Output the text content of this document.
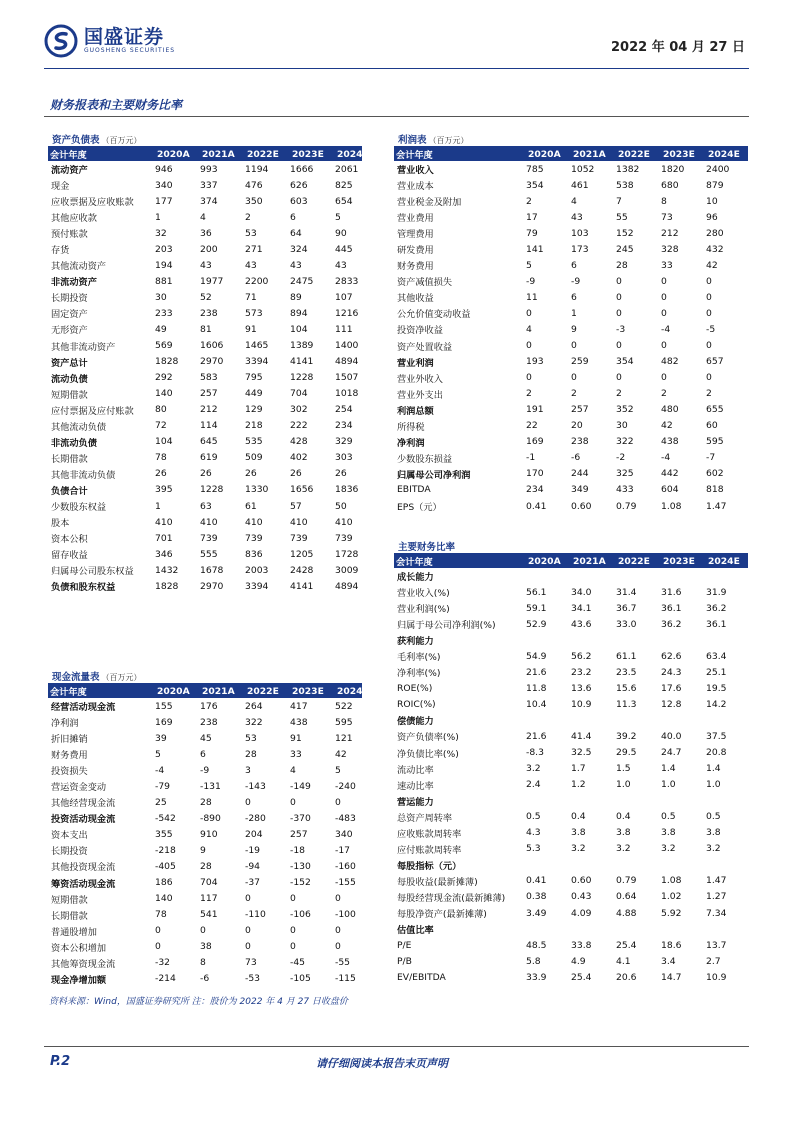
国盛证券
GUOSHENG SECURITIES	2022 年 04 月 27 日
财务报表和主要财务比率
资产负债表 （百万元）
会计年度	2020A	2021A	2022E	2023E	2024E
流动资产	946	993	1194	1666	2061
现金	340	337	476	626	825
应收票据及应收账款	177	374	350	603	654
其他应收款	1	4	2	6	5
预付账款	32	36	53	64	90
存货	203	200	271	324	445
其他流动资产	194	43	43	43	43
非流动资产	881	1977	2200	2475	2833
长期投资	30	52	71	89	107
固定资产	233	238	573	894	1216
无形资产	49	81	91	104	111
其他非流动资产	569	1606	1465	1389	1400
资产总计	1828	2970	3394	4141	4894
流动负债	292	583	795	1228	1507
短期借款	140	257	449	704	1018
应付票据及应付账款	80	212	129	302	254
其他流动负债	72	114	218	222	234
非流动负债	104	645	535	428	329
长期借款	78	619	509	402	303
其他非流动负债	26	26	26	26	26
负债合计	395	1228	1330	1656	1836
少数股东权益	1	63	61	57	50
股本	410	410	410	410	410
资本公积	701	739	739	739	739
留存收益	346	555	836	1205	1728
归属母公司股东权益	1432	1678	2003	2428	3009
负债和股东权益	1828	2970	3394	4141	4894
现金流量表 （百万元）
会计年度	2020A	2021A	2022E	2023E	2024E
经营活动现金流	155	176	264	417	522
净利润	169	238	322	438	595
折旧摊销	39	45	53	91	121
财务费用	5	6	28	33	42
投资损失	-4	-9	3	4	5
营运资金变动	-79	-131	-143	-149	-240
其他经营现金流	25	28	0	0	0
投资活动现金流	-542	-890	-280	-370	-483
资本支出	355	910	204	257	340
长期投资	-218	9	-19	-18	-17
其他投资现金流	-405	28	-94	-130	-160
筹资活动现金流	186	704	-37	-152	-155
短期借款	140	117	0	0	0
长期借款	78	541	-110	-106	-100
普通股增加	0	0	0	0	0
资本公积增加	0	38	0	0	0
其他筹资现金流	-32	8	73	-45	-55
现金净增加额	-214	-6	-53	-105	-115
利润表 （百万元）
会计年度	2020A	2021A	2022E	2023E	2024E
营业收入	785	1052	1382	1820	2400
营业成本	354	461	538	680	879
营业税金及附加	2	4	7	8	10
营业费用	17	43	55	73	96
管理费用	79	103	152	212	280
研发费用	141	173	245	328	432
财务费用	5	6	28	33	42
资产减值损失	-9	-9	0	0	0
其他收益	11	6	0	0	0
公允价值变动收益	0	1	0	0	0
投资净收益	4	9	-3	-4	-5
资产处置收益	0	0	0	0	0
营业利润	193	259	354	482	657
营业外收入	0	0	0	0	0
营业外支出	2	2	2	2	2
利润总额	191	257	352	480	655
所得税	22	20	30	42	60
净利润	169	238	322	438	595
少数股东损益	-1	-6	-2	-4	-7
归属母公司净利润	170	244	325	442	602
EBITDA	234	349	433	604	818
EPS（元）	0.41	0.60	0.79	1.08	1.47
主要财务比率
会计年度	2020A	2021A	2022E	2023E	2024E
成长能力
营业收入(%)	56.1	34.0	31.4	31.6	31.9
营业利润(%)	59.1	34.1	36.7	36.1	36.2
归属于母公司净利润(%)	52.9	43.6	33.0	36.2	36.1
获利能力
毛利率(%)	54.9	56.2	61.1	62.6	63.4
净利率(%)	21.6	23.2	23.5	24.3	25.1
ROE(%)	11.8	13.6	15.6	17.6	19.5
ROIC(%)	10.4	10.9	11.3	12.8	14.2
偿债能力
资产负债率(%)	21.6	41.4	39.2	40.0	37.5
净负债比率(%)	-8.3	32.5	29.5	24.7	20.8
流动比率	3.2	1.7	1.5	1.4	1.4
速动比率	2.4	1.2	1.0	1.0	1.0
营运能力
总资产周转率	0.5	0.4	0.4	0.5	0.5
应收账款周转率	4.3	3.8	3.8	3.8	3.8
应付账款周转率	5.3	3.2	3.2	3.2	3.2
每股指标（元）
每股收益(最新摊薄)	0.41	0.60	0.79	1.08	1.47
每股经营现金流(最新摊薄)	0.38	0.43	0.64	1.02	1.27
每股净资产(最新摊薄)	3.49	4.09	4.88	5.92	7.34
估值比率
P/E	48.5	33.8	25.4	18.6	13.7
P/B	5.8	4.9	4.1	3.4	2.7
EV/EBITDA	33.9	25.4	20.6	14.7	10.9
资料来源：Wind，国盛证券研究所 注：股价为 2022 年 4 月 27 日收盘价
P.2	请仔细阅读本报告末页声明
